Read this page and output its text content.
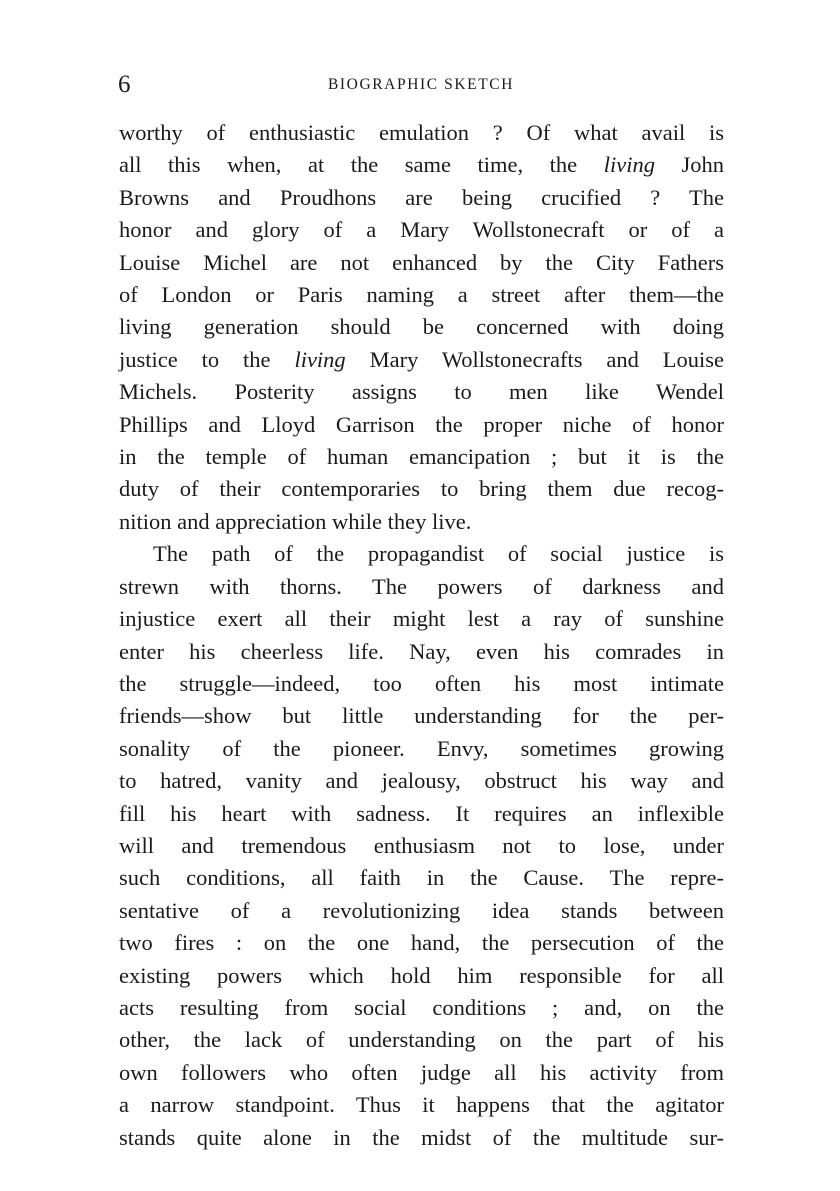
6	BIOGRAPHIC SKETCH
worthy of enthusiastic emulation ? Of what avail is
all this when, at the same time, the living John
Browns and Proudhons are being crucified ? The
honor and glory of a Mary Wollstonecraft or of a
Louise Michel are not enhanced by the City Fathers
of London or Paris naming a street after them—the
living generation should be concerned with doing
justice to the living Mary Wollstonecrafts and Louise
Michels. Posterity assigns to men like Wendel
Phillips and Lloyd Garrison the proper niche of honor
in the temple of human emancipation ; but it is the
duty of their contemporaries to bring them due recog-
nition and appreciation while they live.
The path of the propagandist of social justice is
strewn with thorns. The powers of darkness and
injustice exert all their might lest a ray of sunshine
enter his cheerless life. Nay, even his comrades in
the struggle—indeed, too often his most intimate
friends—show but little understanding for the per-
sonality of the pioneer. Envy, sometimes growing
to hatred, vanity and jealousy, obstruct his way and
fill his heart with sadness. It requires an inflexible
will and tremendous enthusiasm not to lose, under
such conditions, all faith in the Cause. The repre-
sentative of a revolutionizing idea stands between
two fires : on the one hand, the persecution of the
existing powers which hold him responsible for all
acts resulting from social conditions ; and, on the
other, the lack of understanding on the part of his
own followers who often judge all his activity from
a narrow standpoint. Thus it happens that the agitator
stands quite alone in the midst of the multitude sur-
